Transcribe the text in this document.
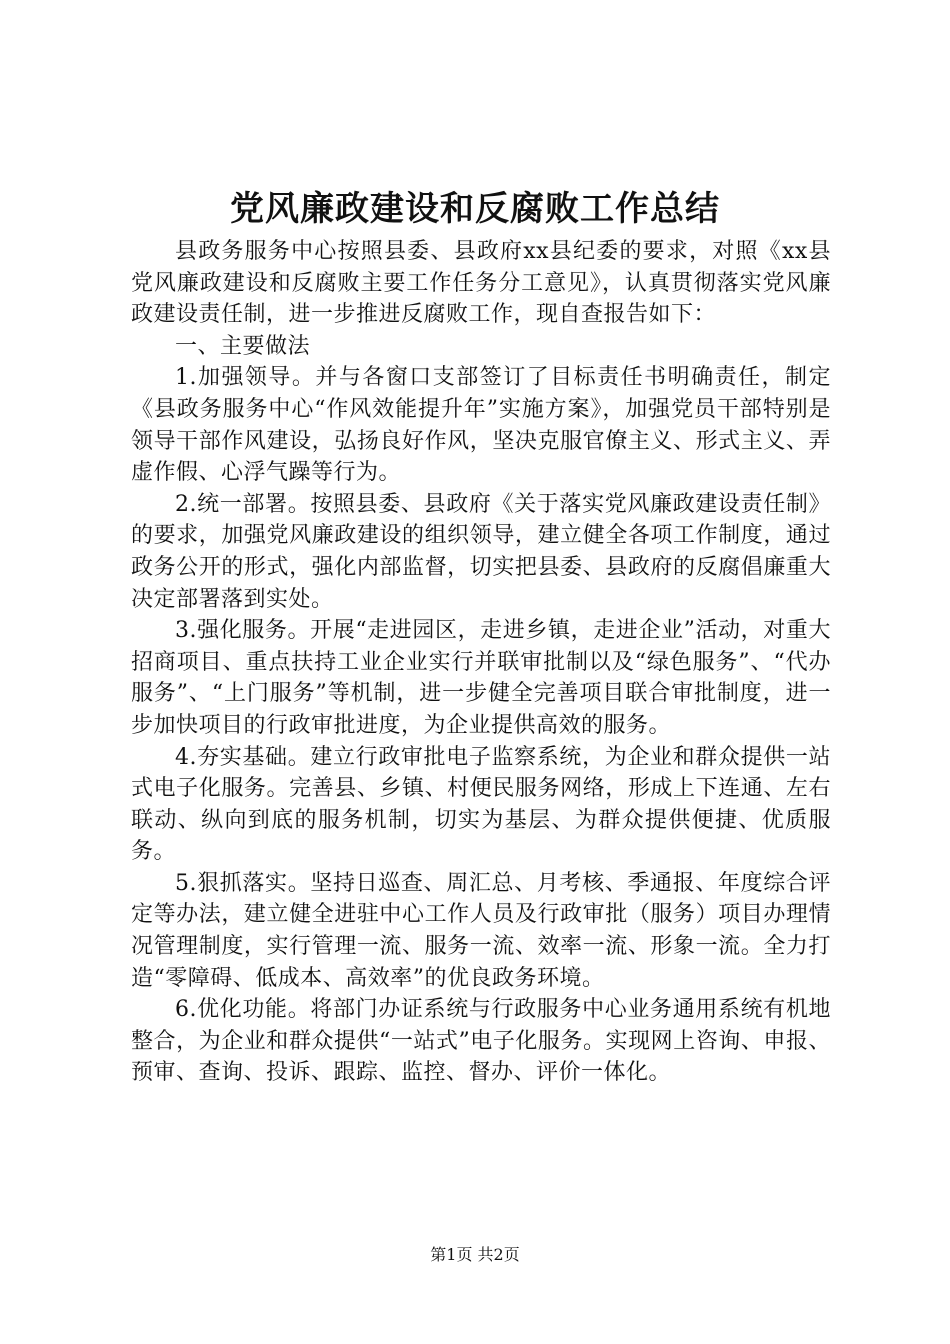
党风廉政建设和反腐败工作总结

县政务服务中心按照县委、县政府xx县纪委的要求，对照《xx县党风廉政建设和反腐败主要工作任务分工意见》，认真贯彻落实党风廉政建设责任制，进一步推进反腐败工作，现自查报告如下：

一、主要做法

1.加强领导。并与各窗口支部签订了目标责任书明确责任，制定《县政务服务中心“作风效能提升年”实施方案》，加强党员干部特别是领导干部作风建设，弘扬良好作风，坚决克服官僚主义、形式主义、弄虚作假、心浮气躁等行为。

2.统一部署。按照县委、县政府《关于落实党风廉政建设责任制》的要求，加强党风廉政建设的组织领导，建立健全各项工作制度，通过政务公开的形式，强化内部监督，切实把县委、县政府的反腐倡廉重大决定部署落到实处。

3.强化服务。开展“走进园区，走进乡镇，走进企业”活动，对重大招商项目、重点扶持工业企业实行并联审批制以及“绿色服务”、“代办服务”、“上门服务”等机制，进一步健全完善项目联合审批制度，进一步加快项目的行政审批进度，为企业提供高效的服务。

4.夯实基础。建立行政审批电子监察系统，为企业和群众提供一站式电子化服务。完善县、乡镇、村便民服务网络，形成上下连通、左右联动、纵向到底的服务机制，切实为基层、为群众提供便捷、优质服务。

5.狠抓落实。坚持日巡查、周汇总、月考核、季通报、年度综合评定等办法，建立健全进驻中心工作人员及行政审批（服务）项目办理情况管理制度，实行管理一流、服务一流、效率一流、形象一流。全力打造“零障碍、低成本、高效率”的优良政务环境。

6.优化功能。将部门办证系统与行政服务中心业务通用系统有机地整合，为企业和群众提供“一站式”电子化服务。实现网上咨询、申报、预审、查询、投诉、跟踪、监控、督办、评价一体化。

第1页 共2页
